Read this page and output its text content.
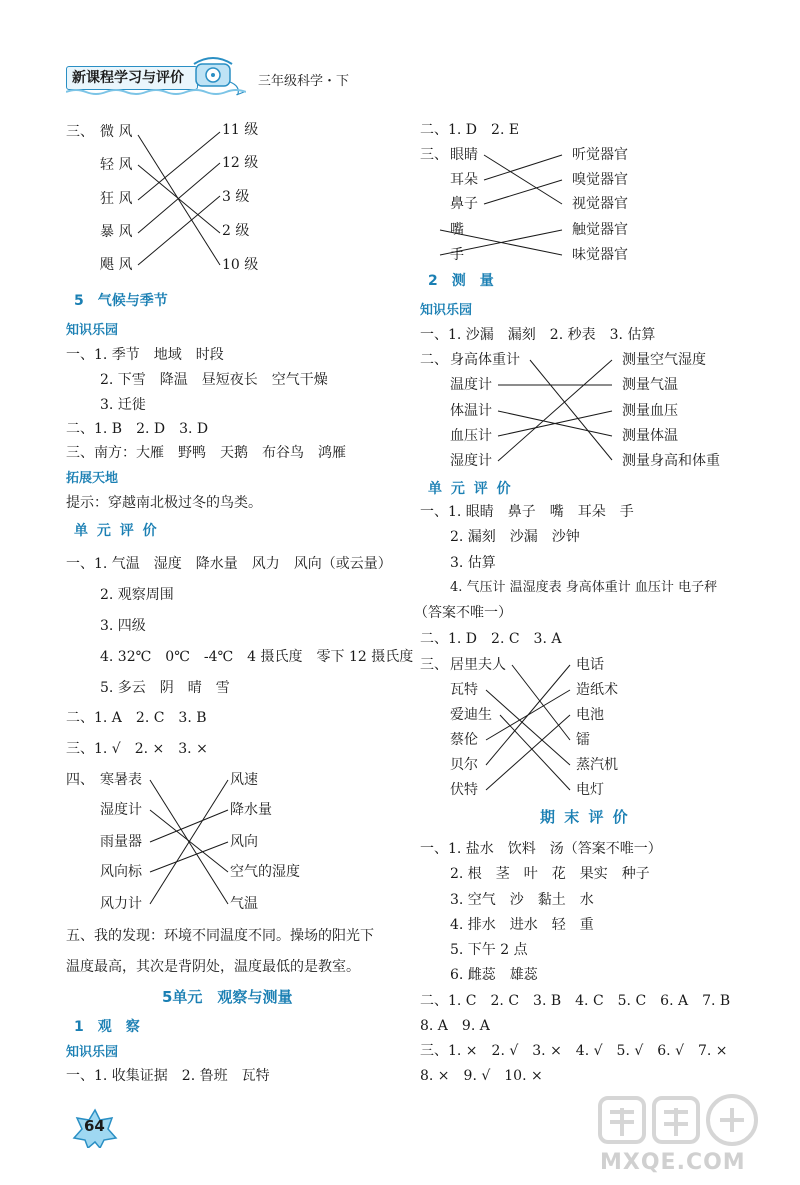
新课程学习与评价	三年级科学・下
三、 微 风
轻 风
狂 风
暴 风
飓 风
11 级
12 级
3 级
2 级
10 级
5　气候与季节
知识乐园
一、1. 季节　地域　时段
2. 下雪　降温　昼短夜长　空气干燥
3. 迁徙
二、1. B　2. D　3. D
三、南方：大雁　野鸭　天鹅　布谷鸟　鸿雁
拓展天地
提示：穿越南北极过冬的鸟类。
单 元 评 价
一、1. 气温　湿度　降水量　风力　风向（或云量）
2. 观察周围
3. 四级
4. 32℃　0℃　-4℃　4 摄氏度　零下 12 摄氏度
5. 多云　阴　晴　雪
二、1. A　2. C　3. B
三、1. √　2. ×　3. ×
四、 寒暑表
湿度计
雨量器
风向标
风力计
风速
降水量
风向
空气的湿度
气温
五、我的发现：环境不同温度不同。操场的阳光下
温度最高，其次是背阴处，温度最低的是教室。
5单元　观察与测量
1　观　察
知识乐园
一、1. 收集证据　2. 鲁班　瓦特
二、1. D　2. E
三、 眼睛
耳朵
鼻子
嘴
手
听觉器官
嗅觉器官
视觉器官
触觉器官
味觉器官
2　测　量
知识乐园
一、1. 沙漏　漏刻　2. 秒表　3. 估算
二、 身高体重计
温度计
体温计
血压计
湿度计
测量空气湿度
测量气温
测量血压
测量体温
测量身高和体重
单 元 评 价
一、1. 眼睛　鼻子　嘴　耳朵　手
2. 漏刻　沙漏　沙钟
3. 估算
4. 气压计 温湿度表 身高体重计 血压计 电子秤
（答案不唯一）
二、1. D　2. C　3. A
三、 居里夫人
瓦特
爱迪生
蔡伦
贝尔
伏特
电话
造纸术
电池
镭
蒸汽机
电灯
期 末 评 价
一、1. 盐水　饮料　汤（答案不唯一）
2. 根　茎　叶　花　果实　种子
3. 空气　沙　黏土　水
4. 排水　进水　轻　重
5. 下午 2 点
6. 雌蕊　雄蕊
二、1. C　2. C　3. B　4. C　5. C　6. A　7. B
8. A　9. A
三、1. ×　2. √　3. ×　4. √　5. √　6. √　7. ×
8. ×　9. √　10. ×
64
MXQE.COM
